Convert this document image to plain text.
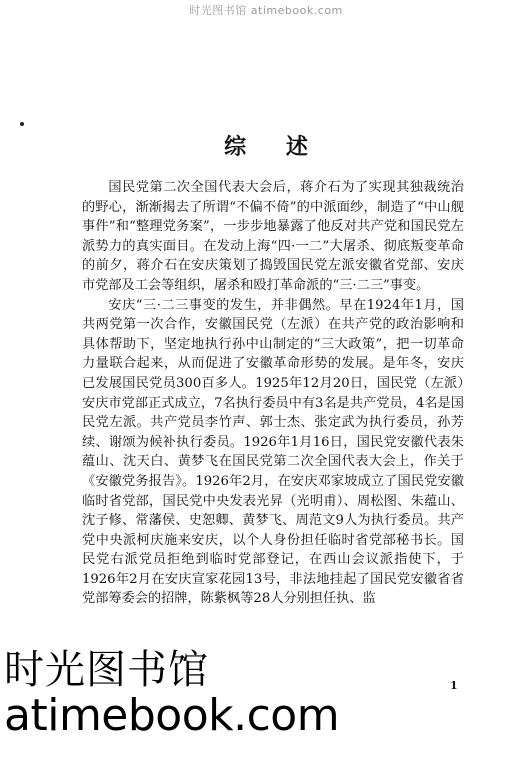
时光图书馆 atimebook.com
综 述

国民党第二次全国代表大会后，蒋介石为了实现其独裁统治的野心，渐渐揭去了所谓“不偏不倚”的中派面纱，制造了“中山舰事件”和“整理党务案”，一步步地暴露了他反对共产党和国民党左派势力的真实面目。在发动上海“四·一二”大屠杀、彻底叛变革命的前夕，蒋介石在安庆策划了捣毁国民党左派安徽省党部、安庆市党部及工会等组织，屠杀和殴打革命派的“三·二三”事变。

安庆“三·二三事变的发生，并非偶然。早在1924年1月，国共两党第一次合作，安徽国民党（左派）在共产党的政治影响和具体帮助下，坚定地执行孙中山制定的“三大政策”，把一切革命力量联合起来，从而促进了安徽革命形势的发展。是年冬，安庆已发展国民党员300百多人。1925年12月20日，国民党（左派）安庆市党部正式成立，7名执行委员中有3名是共产党员，4名是国民党左派。共产党员李竹声、郭士杰、张定武为执行委员，孙芳续、谢颂为候补执行委员。1926年1月16日，国民党安徽代表朱蕴山、沈天白、黄梦飞在国民党第二次全国代表大会上，作关于《安徽党务报告》。1926年2月，在安庆邓家坡成立了国民党安徽临时省党部，国民党中央发表光昇（光明甫）、周松图、朱蕴山、沈子修、常藩侯、史恕卿、黄梦飞、周范文9人为执行委员。共产党中央派柯庆施来安庆，以个人身份担任临时省党部秘书长。国民党右派党员拒绝到临时党部登记，在西山会议派指使下，于1926年2月在安庆宣家花园13号，非法地挂起了国民党安徽省省党部筹委会的招牌，陈紫枫等28人分别担任执、监

1
时光图书馆
atimebook.com
